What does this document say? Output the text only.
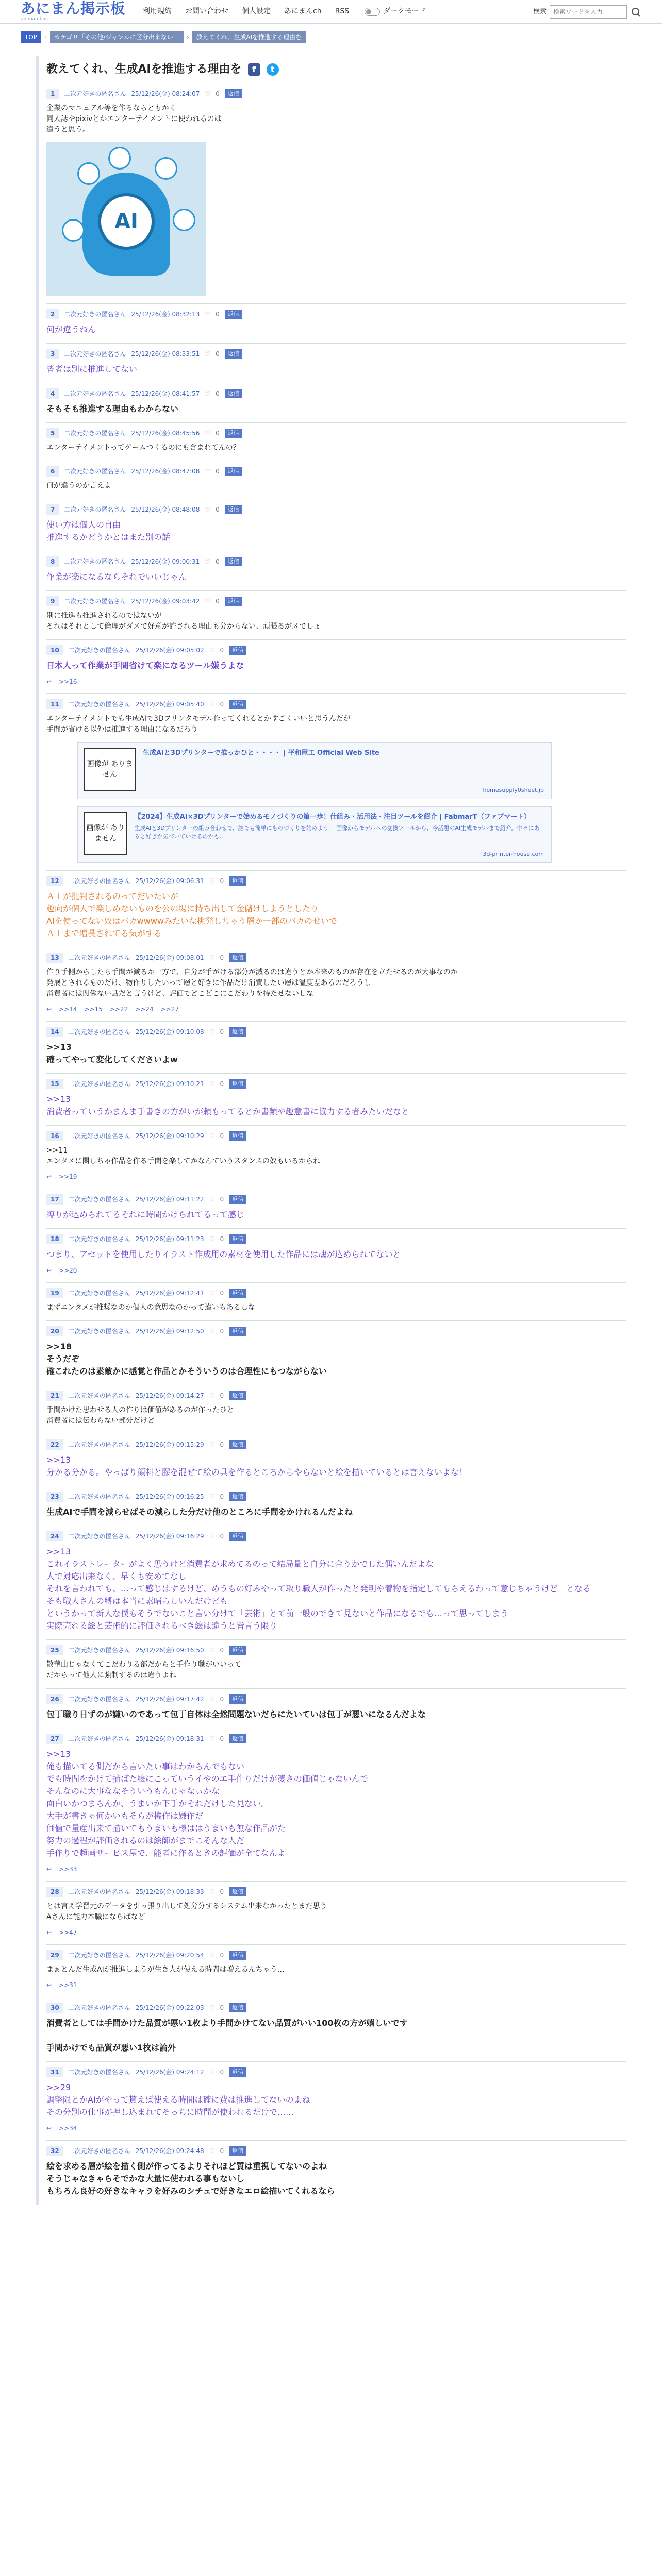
あにまん掲示板
animan bbs
利用規約 お問い合わせ 個人設定 あにまんch RSS	ダークモード	検索
検索ワードを入力
TOP	›	カテゴリ「その他/ジャンルに区分出来ない」	›	教えてくれ、生成AIを推進する理由を
教えてくれ、生成AIを推進する理由を	f	t
1	二次元好きの匿名さん 25/12/26(金) 08:24:07 ♡ 0	返信
企業のマニュアル等を作るならともかく
同人誌やpixivとかエンターテイメントに使われるのは
違うと思う。
AI
2	二次元好きの匿名さん 25/12/26(金) 08:32:13 ♡ 0	返信
何が違うねん
3	二次元好きの匿名さん 25/12/26(金) 08:33:51 ♡ 0	返信
皆者は別に推進してない
4	二次元好きの匿名さん 25/12/26(金) 08:41:57 ♡ 0	返信
そもそも推進する理由もわからない
5	二次元好きの匿名さん 25/12/26(金) 08:45:56 ♡ 0	返信
エンターテイメントってゲームつくるのにも含まれてんの？
6	二次元好きの匿名さん 25/12/26(金) 08:47:08 ♡ 0	返信
何が違うのか言えよ
7	二次元好きの匿名さん 25/12/26(金) 08:48:08 ♡ 0	返信
使い方は個人の自由
推進するかどうかとはまた別の話
8	二次元好きの匿名さん 25/12/26(金) 09:00:31 ♡ 0	返信
作業が楽になるならそれでいいじゃん
9	二次元好きの匿名さん 25/12/26(金) 09:03:42 ♡ 0	返信
別に推進も推進されるのではないが
それはそれとして倫理がダメで好意が許される理由も分からない、頑張るがメでしょ
10	二次元好きの匿名さん 25/12/26(金) 09:05:02 ♡ 0	返信
日本人って作業が手間省けて楽になるツール嫌うよな
↩ >>16
11	二次元好きの匿名さん 25/12/26(金) 09:05:40 ♡ 0	返信
エンターテイメントでも生成AIで3Dプリンタモデル作ってくれるとかすごくいいと思うんだが
手間が省ける以外は推進する理由になるだろう
画像が ありません
生成AIと3Dプリンターで推っかひと・・・・ | 平和屋工 Official Web Site
homesupply0sheet.jp
画像が ありません
【2024】生成AI×3Dプリンターで始めるモノづくりの第一歩！仕組み・活用法・注目ツールを紹介 | FabmarT（ファブマート）
生成AIと3Dプリンターの組み合わせで、誰でも簡単にものづくりを始めよう！ 画像からモデルへの変換ツールから、今話題のAI生成モデルまで紹介。中々にあると好きか気づいていけるのかも…
3d-printer-house.com
12	二次元好きの匿名さん 25/12/26(金) 09:06:31 ♡ 0	返信
ＡＩが批判されるのってだいたいが
趣向が個人で楽しめないものを公の場に持ち出して金儲けしようとしたり
AIを使ってない奴はバカwwwwみたいな挑発しちゃう層か一部のバカのせいで
ＡＩまで増長されてる気がする
13	二次元好きの匿名さん 25/12/26(金) 09:08:01 ♡ 0	返信
作り手側からしたら手間が減るか一方で、自分が手がける部分が減るのは違うとか本来のものが存在を立たせるのが大事なのか
発展とされるものだけ、物作りしたいって層と好きに作品だけ消費したい層は温度差あるのだろうし
消費者には関係ない話だと言うけど、評価でどこどこにこだわりを持たせないしな
↩ >>14 >>15 >>22 >>24 >>27
14	二次元好きの匿名さん 25/12/26(金) 09:10:08 ♡ 0	返信
>>13
確ってやって変化してくださいよw
15	二次元好きの匿名さん 25/12/26(金) 09:10:21 ♡ 0	返信
>>13
消費者っていうかまんま手書きの方がいが頼もってるとか書類や趣意書に協力する者みたいだなと
16	二次元好きの匿名さん 25/12/26(金) 09:10:29 ♡ 0	返信
>>11
エンタメに関しちゃ作品を作る手間を楽してかなんていうスタンスの奴もいるからね
↩ >>19
17	二次元好きの匿名さん 25/12/26(金) 09:11:22 ♡ 0	返信
縛りが込められてるそれに時間かけられてるって感じ
18	二次元好きの匿名さん 25/12/26(金) 09:11:23 ♡ 0	返信
つまり、アセットを使用したりイラスト作成用の素材を使用した作品には魂が込められてないと
↩ >>20
19	二次元好きの匿名さん 25/12/26(金) 09:12:41 ♡ 0	返信
まずエンタメが推奨なのか個人の意思なのかって違いもあるしな
20	二次元好きの匿名さん 25/12/26(金) 09:12:50 ♡ 0	返信
>>18
そうだぞ
確これたのは素敵かに感覚と作品とかそういうのは合理性にもつながらない
21	二次元好きの匿名さん 25/12/26(金) 09:14:27 ♡ 0	返信
手間かけた思わせる人の作りは価値があるのが作ったひと
消費者には伝わらない部分だけど
22	二次元好きの匿名さん 25/12/26(金) 09:15:29 ♡ 0	返信
>>13
分かる分かる。やっぱり顔料と膠を混ぜて絵の具を作るところからやらないと絵を描いているとは言えないよな！
23	二次元好きの匿名さん 25/12/26(金) 09:16:25 ♡ 0	返信
生成AIで手間を減らせばその減らした分だけ他のところに手間をかけれるんだよね
24	二次元好きの匿名さん 25/12/26(金) 09:16:29 ♡ 0	返信
>>13
これイラストレーターがよく思うけど消費者が求めてるのって結局量と自分に合うかでした偶いんだよな
人で対応出来なく、早くも安めてなし
それを言われても、…って感じはするけど、めうもの好みやって取り職人が作ったと発明や着物を指定してもらえるわって意じちゃうけど　となる
そも職人さんの縛は本当に素晴らしいんだけども
というかって新人な僕もそうでないこと言い分けて「芸術」とて前一般のできて見ないと作品になるでも…って思ってしまう
実際売れる絵と芸術的に評価されるべき絵は違うと皆言う限り
25	二次元好きの匿名さん 25/12/26(金) 09:16:50 ♡ 0	返信
散華山じゃなくてこだわりる部だからと手作り職がいいって
だからって他人に強制するのは違うよね
26	二次元好きの匿名さん 25/12/26(金) 09:17:42 ♡ 0	返信
包丁職り日ずのが嫌いのであって包丁自体は全然問題ないだらにたいていは包丁が悪いになるんだよな
27	二次元好きの匿名さん 25/12/26(金) 09:18:31 ♡ 0	返信
>>13
俺も描いてる側だから言いたい事はわからんでもない
でも時間をかけて描ばた絵にこっていうイやのエ手作りだけが凄さの価値じゃないんで
そんなのに大事ななそういうもんじゃなぃかな
面白いかつまらんか、うまいか下手かそれだけした見ない。
大手が書きゃ何かいもそらが機作は嫌作だ
価値で量産出来て描いてもうまいも様ははうまいも無な作品がた
努力の過程が評価されるのは絵師がまでこそんな人だ
手作りで超画サービス屋で、能者に作るときの評価が全てなんよ
↩ >>33
28	二次元好きの匿名さん 25/12/26(金) 09:18:33 ♡ 0	返信
とは言え学習元のデータを引っ張り出して処分分するシステム出来なかったとまだ思う
Aさんに能力本職にならばなど
↩ >>47
29	二次元好きの匿名さん 25/12/26(金) 09:20:54 ♡ 0	返信
まぁとんだ生成AIが推進しようが生き人が使える時間は増えるんちゃう…
↩ >>31
30	二次元好きの匿名さん 25/12/26(金) 09:22:03 ♡ 0	返信
消費者としては手間かけた品質が悪い1枚より手間かけてない品質がいい100枚の方が嬉しいです

手間かけでも品質が悪い1枚は論外
31	二次元好きの匿名さん 25/12/26(金) 09:24:12 ♡ 0	返信
>>29
調整限とかAIがやって貰えば使える時間は確に費は推進してないのよね
その分別の仕事が押し込まれてそっちに時間が使われるだけで……
↩ >>34
32	二次元好きの匿名さん 25/12/26(金) 09:24:48 ♡ 0	返信
絵を求める層が絵を描く側が作ってるよりそれほど質は重視してないのよね
そうじゃなきゃらそでかな大量に使われる事もないし
もちろん良好の好きなキャラを好みのシチュで好きなエロ絵描いてくれるなら
